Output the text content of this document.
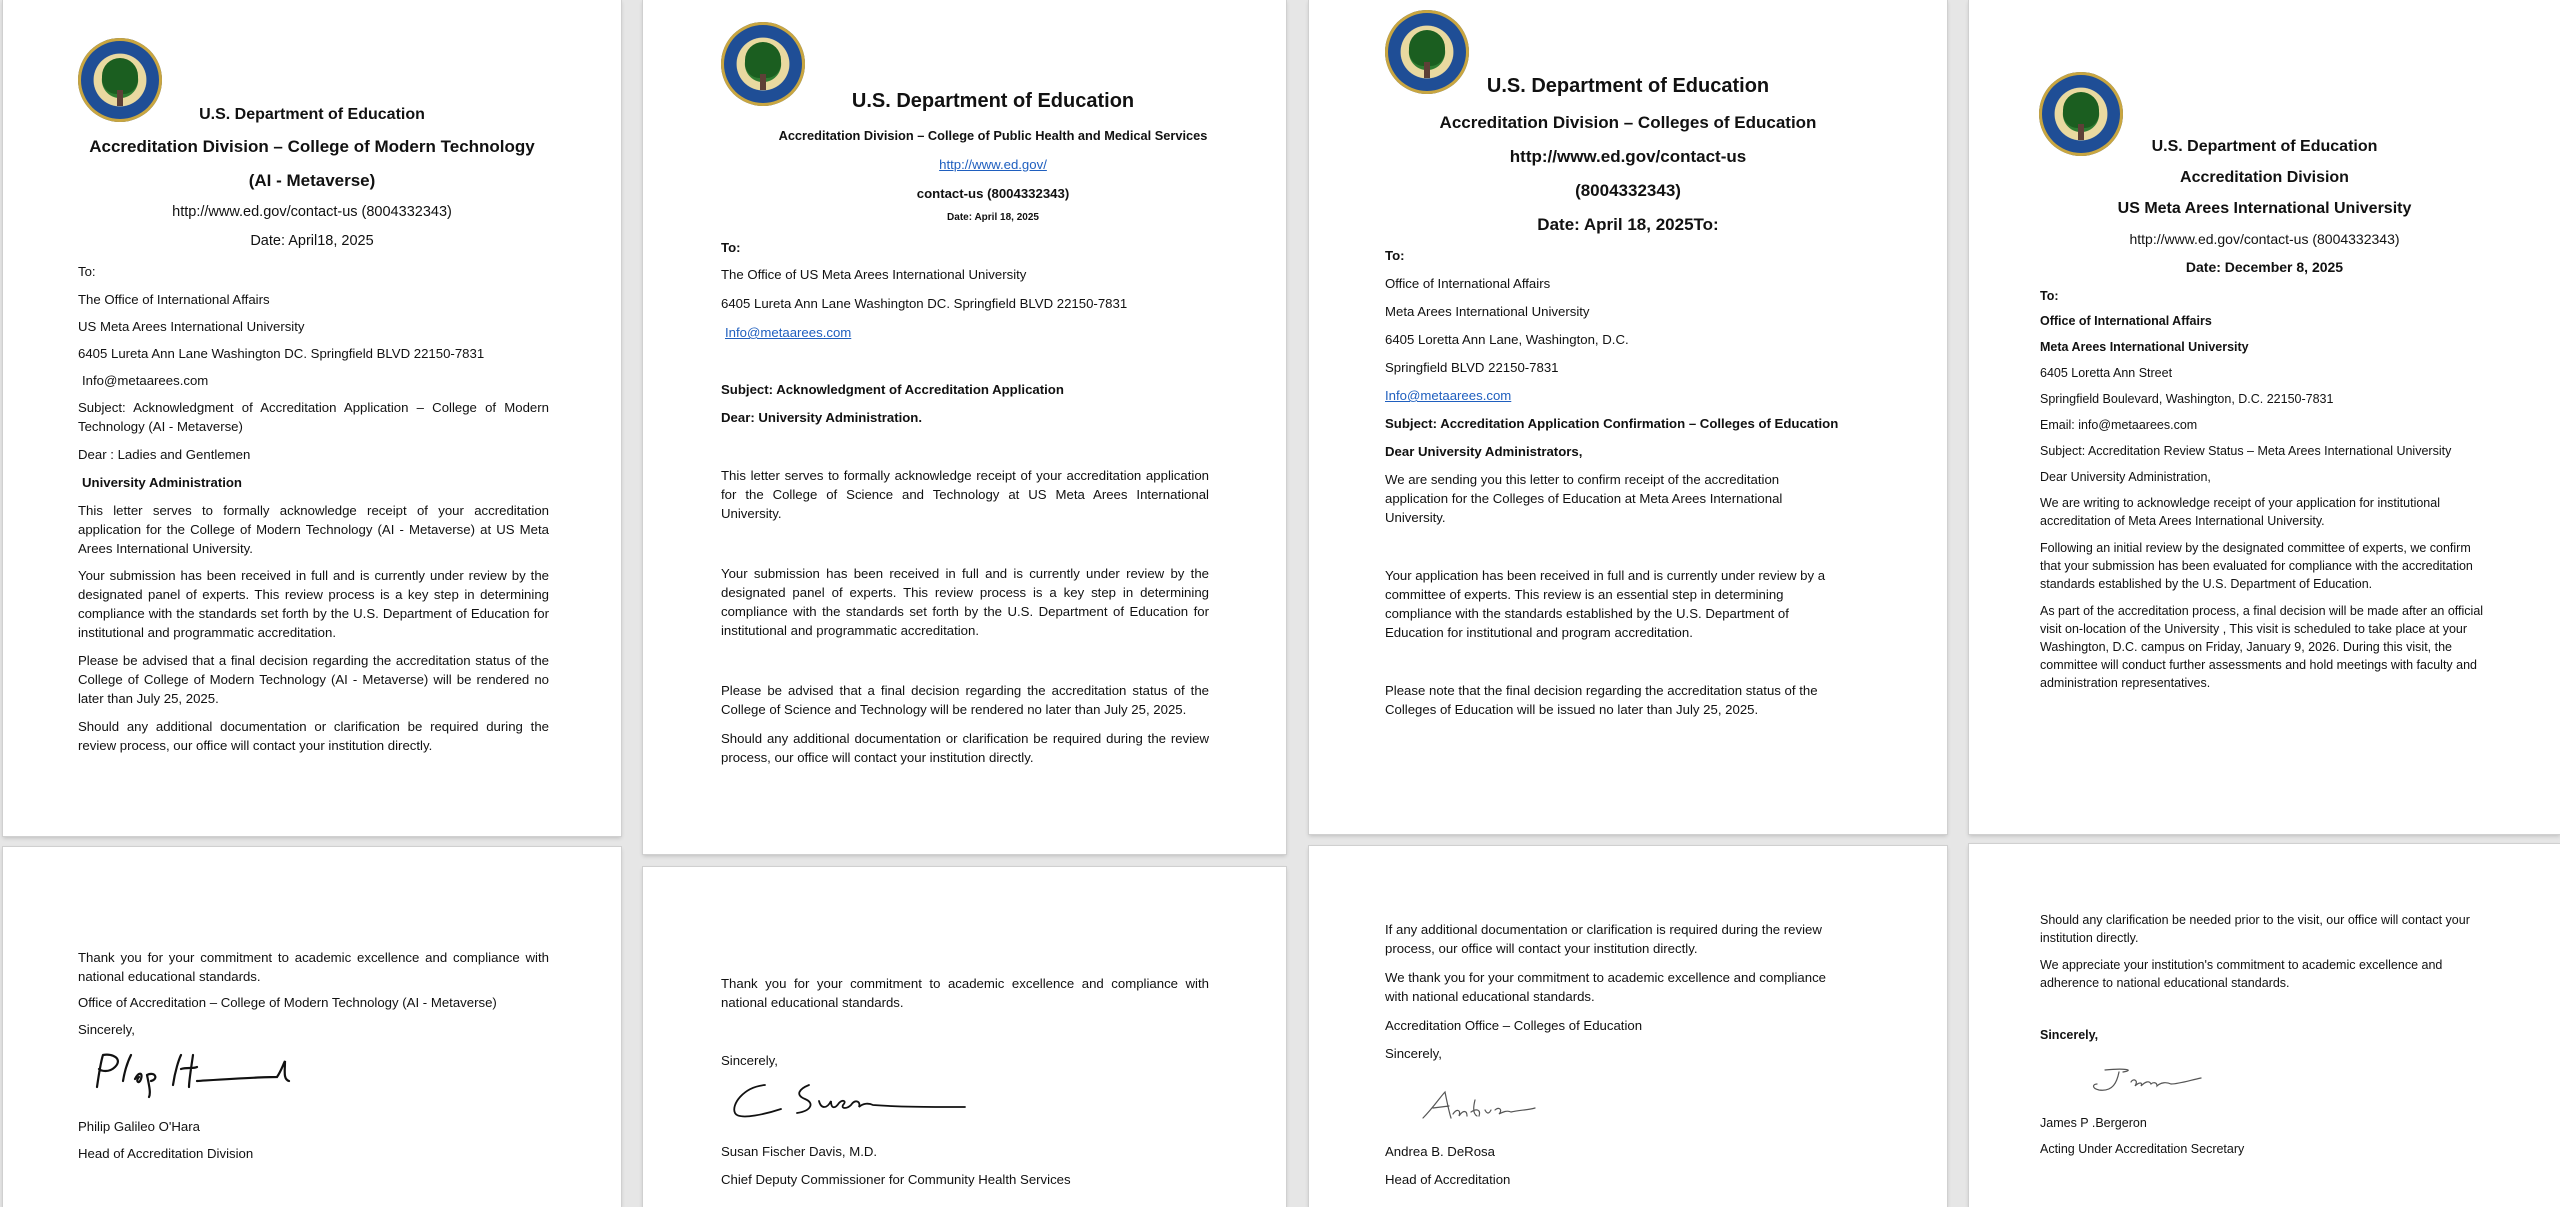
U.S. Department of Education
Accreditation Division – College of Modern Technology
(AI - Metaverse)
http://www.ed.gov/contact-us (8004332343)
Date: April18, 2025
To:
The Office of International Affairs
US Meta Arees International University
6405 Lureta Ann Lane Washington DC. Springfield BLVD 22150-7831
Info@metaarees.com
Subject: Acknowledgment of Accreditation Application – College of Modern Technology (AI - Metaverse)
Dear : Ladies and Gentlemen
University Administration
This letter serves to formally acknowledge receipt of your accreditation application for the College of Modern Technology (AI - Metaverse) at US Meta Arees International University.
Your submission has been received in full and is currently under review by the designated panel of experts. This review process is a key step in determining compliance with the standards set forth by the U.S. Department of Education for institutional and programmatic accreditation.
Please be advised that a final decision regarding the accreditation status of the College of College of Modern Technology (AI - Metaverse) will be rendered no later than July 25, 2025.
Should any additional documentation or clarification be required during the review process, our office will contact your institution directly.
Thank you for your commitment to academic excellence and compliance with national educational standards.
Office of Accreditation – College of Modern Technology (AI - Metaverse)
Sincerely,
Philip Galileo O'Hara
Head of Accreditation Division
U.S. Department of Education
Accreditation Division – College of Public Health and Medical Services
http://www.ed.gov/
contact-us (8004332343)
Date: April 18, 2025
To:
The Office of US Meta Arees International University
6405 Lureta Ann Lane Washington DC. Springfield BLVD 22150-7831
Info@metaarees.com
Subject: Acknowledgment of Accreditation Application
Dear: University Administration.
This letter serves to formally acknowledge receipt of your accreditation application for the College of Science and Technology at US Meta Arees International University.
Your submission has been received in full and is currently under review by the designated panel of experts. This review process is a key step in determining compliance with the standards set forth by the U.S. Department of Education for institutional and programmatic accreditation.
Please be advised that a final decision regarding the accreditation status of the College of Science and Technology will be rendered no later than July 25, 2025.
Should any additional documentation or clarification be required during the review process, our office will contact your institution directly.
Thank you for your commitment to academic excellence and compliance with national educational standards.
Sincerely,
Susan Fischer Davis, M.D.
Chief Deputy Commissioner for Community Health Services
U.S. Department of Education
Accreditation Division – Colleges of Education
http://www.ed.gov/contact-us
(8004332343)
Date: April 18, 2025To:
To:
Office of International Affairs
Meta Arees International University
6405 Loretta Ann Lane, Washington, D.C.
Springfield BLVD 22150-7831
Info@metaarees.com
Subject: Accreditation Application Confirmation – Colleges of Education
Dear University Administrators,
We are sending you this letter to confirm receipt of the accreditation application for the Colleges of Education at Meta Arees International University.
Your application has been received in full and is currently under review by a committee of experts. This review is an essential step in determining compliance with the standards established by the U.S. Department of Education for institutional and program accreditation.
Please note that the final decision regarding the accreditation status of the Colleges of Education will be issued no later than July 25, 2025.
If any additional documentation or clarification is required during the review process, our office will contact your institution directly.
We thank you for your commitment to academic excellence and compliance with national educational standards.
Accreditation Office – Colleges of Education
Sincerely,
Andrea B. DeRosa
Head of Accreditation
U.S. Department of Education
Accreditation Division
US Meta Arees International University
http://www.ed.gov/contact-us (8004332343)
Date: December 8, 2025
To:
Office of International Affairs
Meta Arees International University
6405 Loretta Ann Street
Springfield Boulevard, Washington, D.C. 22150-7831
Email: info@metaarees.com
Subject: Accreditation Review Status – Meta Arees International University
Dear University Administration,
We are writing to acknowledge receipt of your application for institutional accreditation of Meta Arees International University.
Following an initial review by the designated committee of experts, we confirm that your submission has been evaluated for compliance with the accreditation standards established by the U.S. Department of Education.
As part of the accreditation process, a final decision will be made after an official visit on-location of the University , This visit is scheduled to take place at your Washington, D.C. campus on Friday, January 9, 2026. During this visit, the committee will conduct further assessments and hold meetings with faculty and administration representatives.
Should any clarification be needed prior to the visit, our office will contact your institution directly.
We appreciate your institution's commitment to academic excellence and adherence to national educational standards.
Sincerely,
James P .Bergeron
Acting Under Accreditation Secretary
